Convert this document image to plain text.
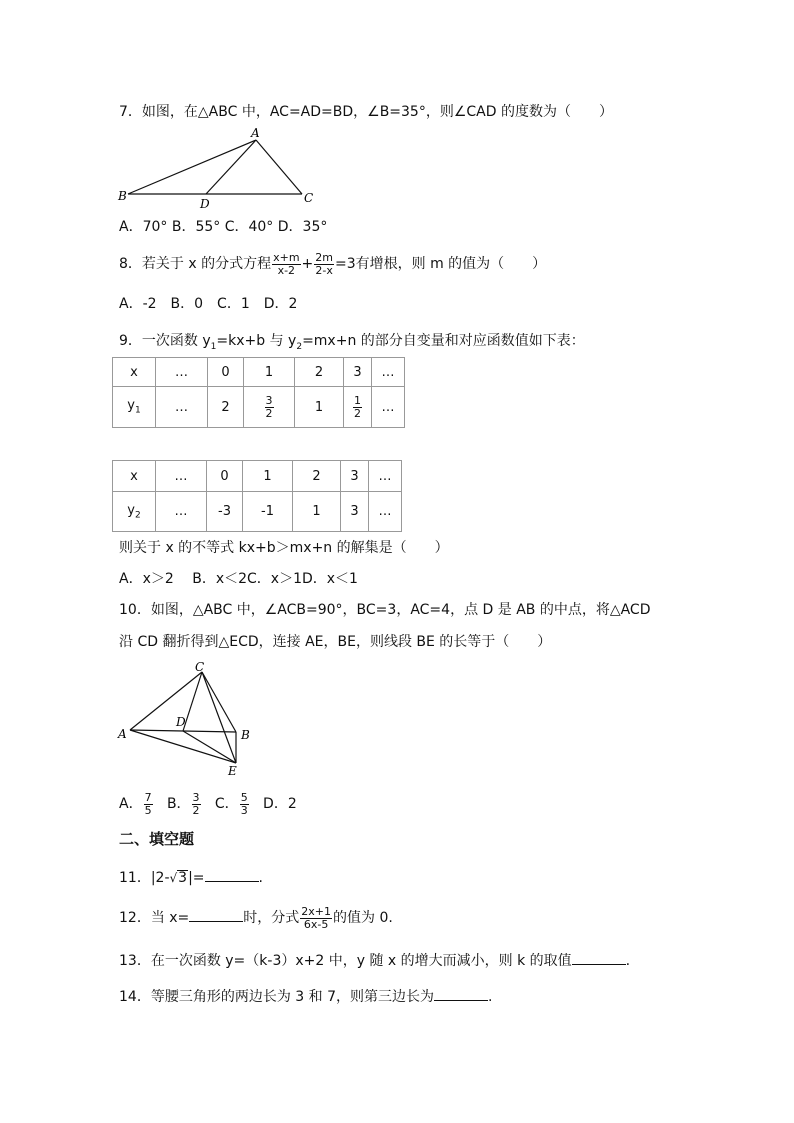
7．如图，在△ABC 中，AC=AD=BD，∠B=35°，则∠CAD 的度数为（　　）
A
B
D	C
A．70° B．55° C．40° D．35°
8．若关于 x 的分式方程 $\frac{x+m}{x-2} + \frac{2m}{2-x} =3$有增根，则 m 的值为（　　）
A．-2　B．0　C．1　D．2
9．一次函数 $y_1=kx+b$ 与 $y_2=mx+n$ 的部分自变量和对应函数值如下表：
x	…	0	1	2	3	…
$y_1$	…	2	$\frac{3}{2}$	1	$\frac{1}{2}$	…
x	…	0	1	2	3	…
$y_2$	…	-3	-1	1	3	…
则关于 x 的不等式 kx+b＞mx+n 的解集是（　　）
A．x＞2　 B．x＜2C．x＞1D．x＜1
10．如图，△ABC 中，∠ACB=90°，BC=3，AC=4，点 D 是 AB 的中点，将△ACD
沿 CD 翻折得到△ECD，连接 AE，BE，则线段 BE 的长等于（　　）
C
D
A	B
E
A． $\frac{7}{5}$ B． $\frac{3}{2}$ C． $\frac{5}{3}$ D．2
二、填空题
11．|2-√3|=	.
12．当 x=	时，分式 $\frac{2x+1}{6x-5}$ 的值为 0.
13．在一次函数 y=（k-3）x+2 中，y 随 x 的增大而减小，则 k 的取值	.
14．等腰三角形的两边长为 3 和 7，则第三边长为	.
